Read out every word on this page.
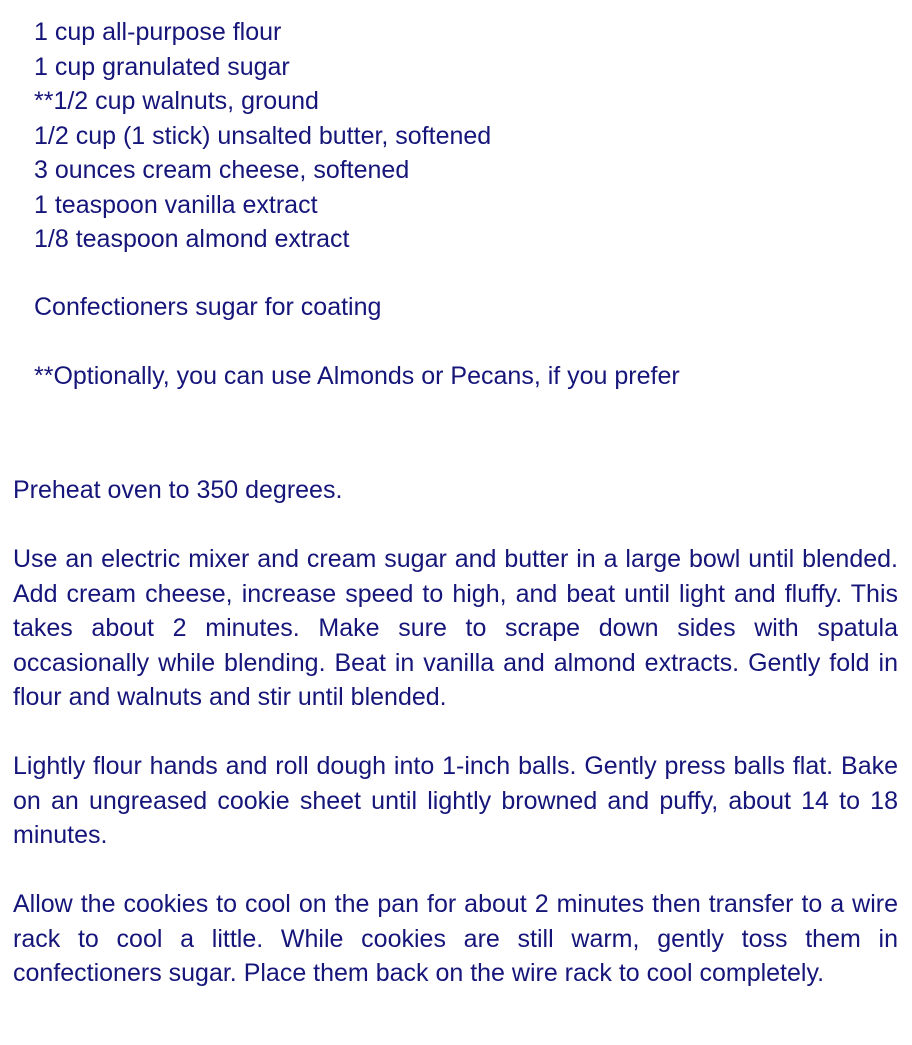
1 cup all-purpose flour
1 cup granulated sugar
**1/2 cup walnuts, ground
1/2 cup (1 stick) unsalted butter, softened
3 ounces cream cheese, softened
1 teaspoon vanilla extract
1/8 teaspoon almond extract
Confectioners sugar for coating
**Optionally, you can use Almonds or Pecans, if you prefer

Preheat oven to 350 degrees.

Use an electric mixer and cream sugar and butter in a large bowl until blended. Add cream cheese, increase speed to high, and beat until light and fluffy. This takes about 2 minutes. Make sure to scrape down sides with spatula occasionally while blending. Beat in vanilla and almond extracts. Gently fold in flour and walnuts and stir until blended.

Lightly flour hands and roll dough into 1-inch balls. Gently press balls flat. Bake on an ungreased cookie sheet until lightly browned and puffy, about 14 to 18 minutes.

Allow the cookies to cool on the pan for about 2 minutes then transfer to a wire rack to cool a little. While cookies are still warm, gently toss them in confectioners sugar. Place them back on the wire rack to cool completely.
